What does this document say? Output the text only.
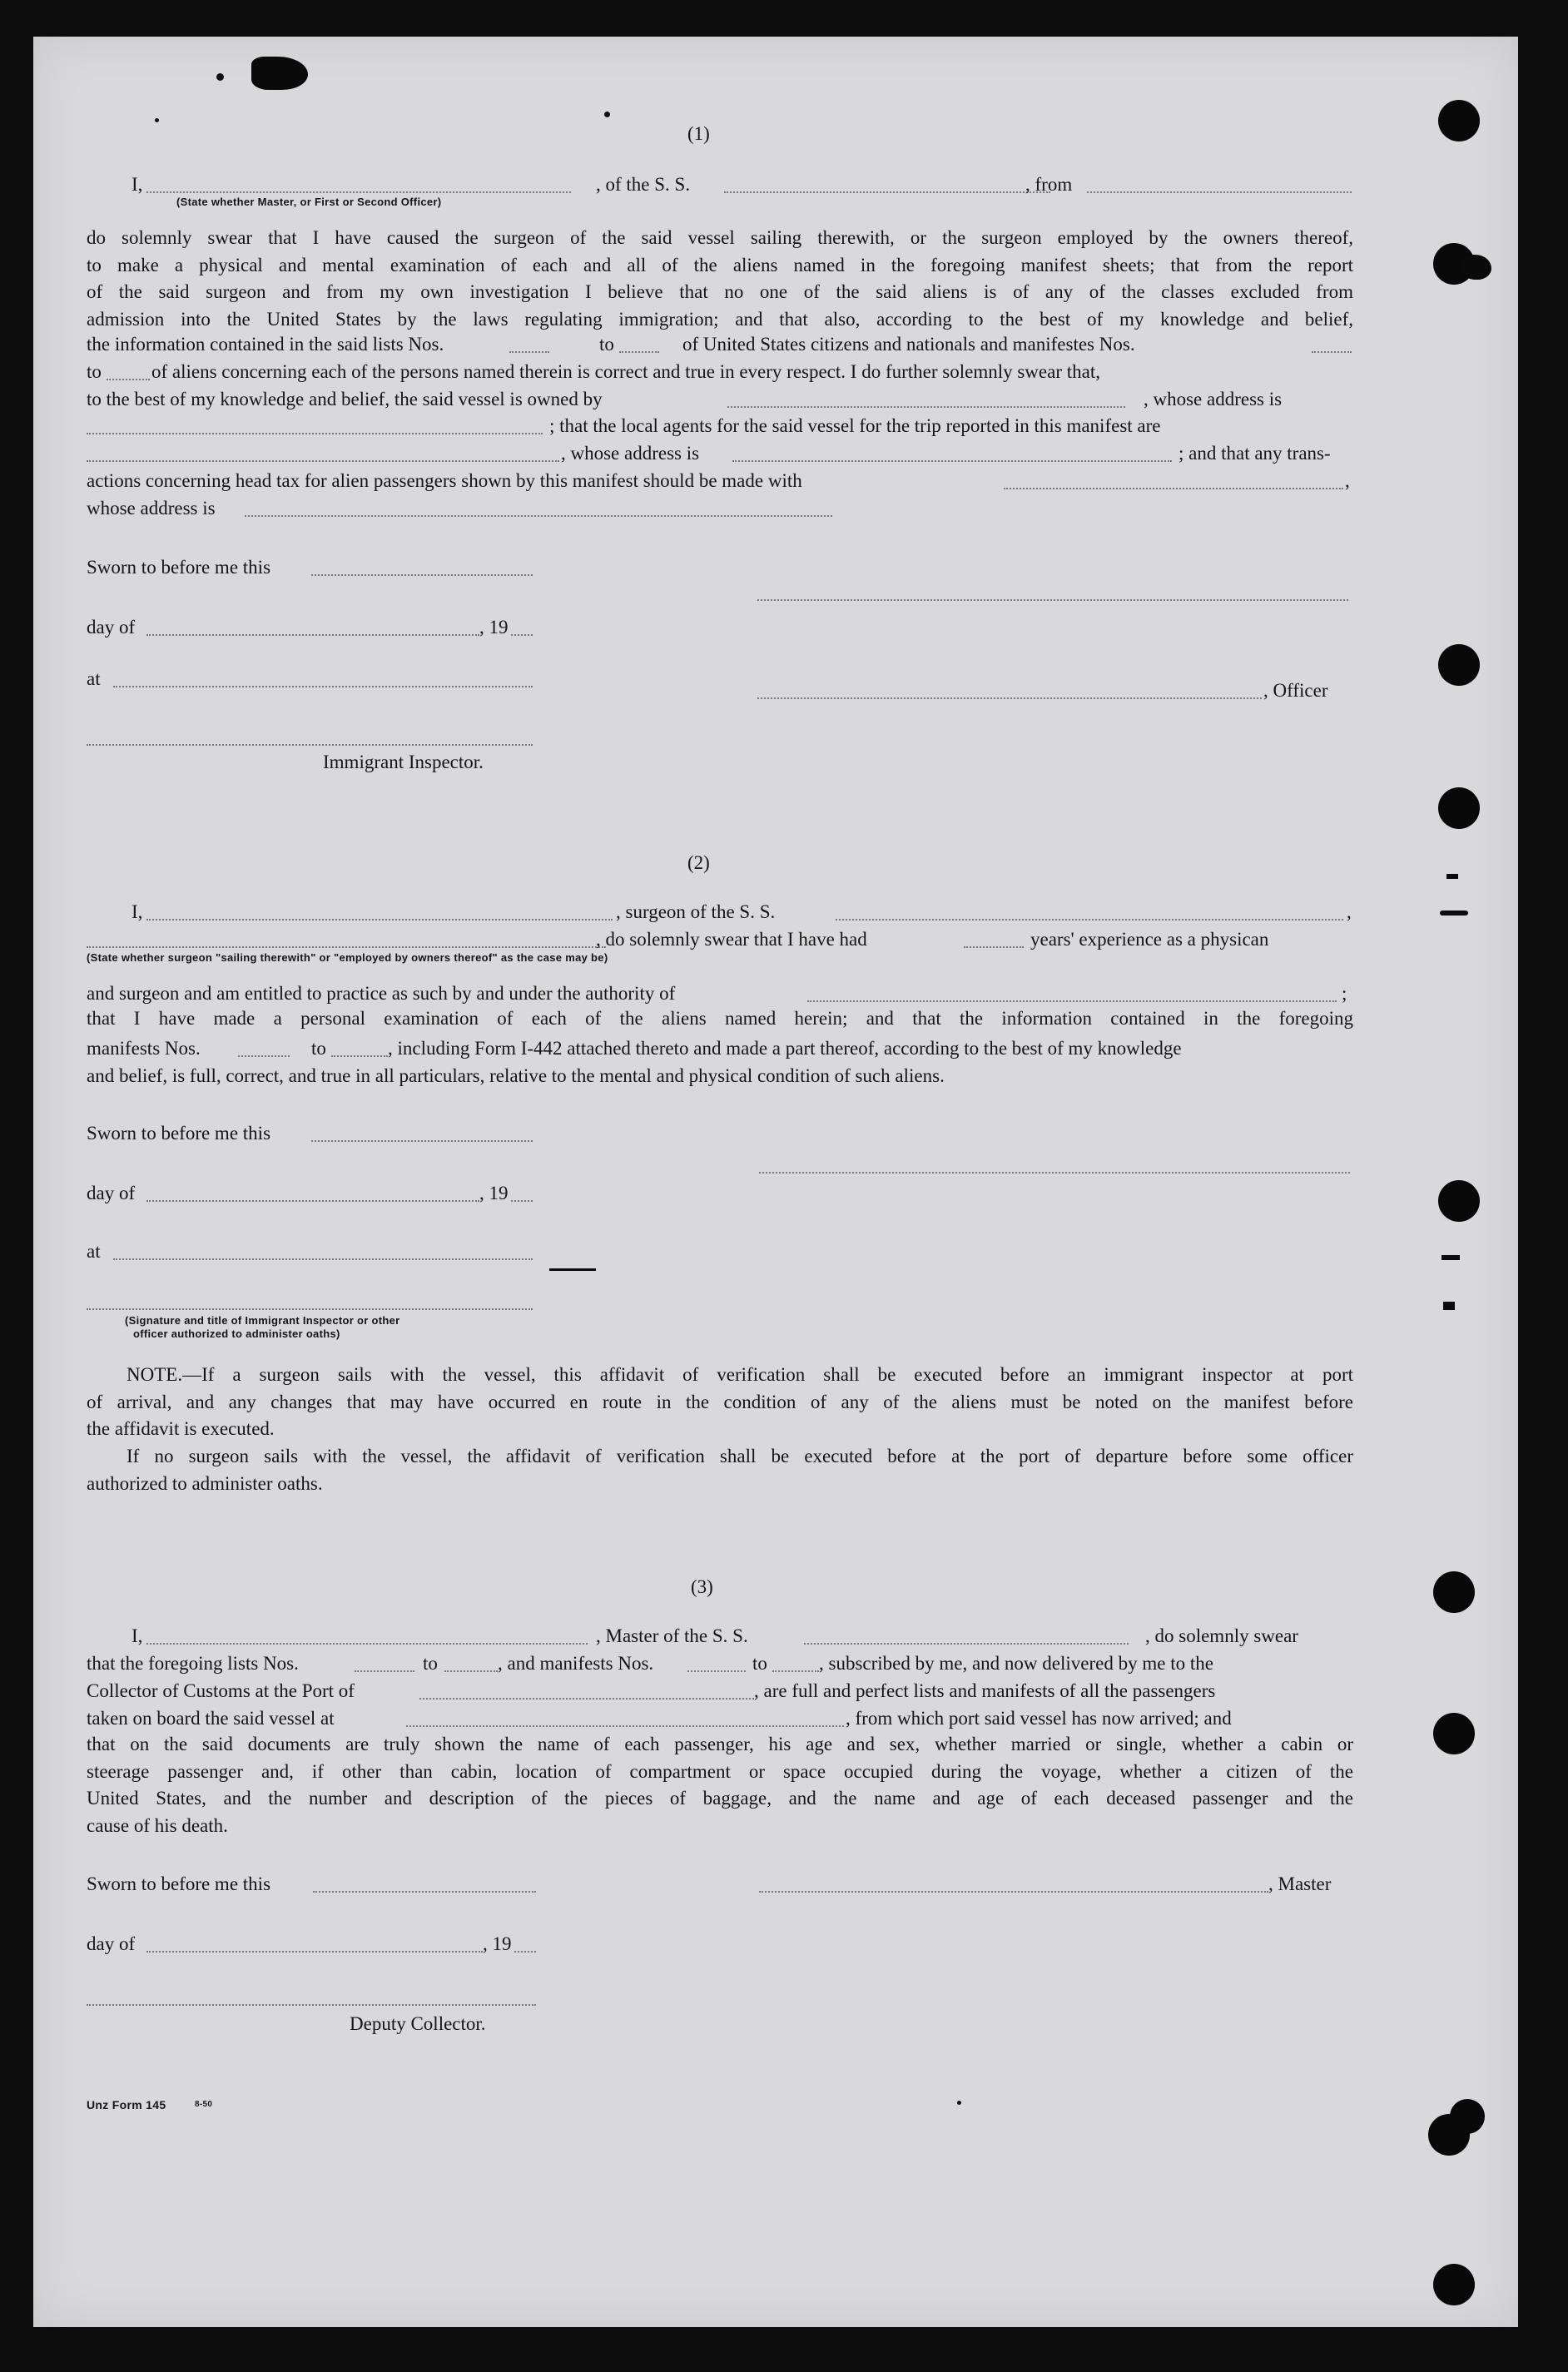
(1)
I,	, of the S. S.	, from
(State whether Master, or First or Second Officer)
do solemnly swear that I have caused the surgeon of the said vessel sailing therewith, or the surgeon employed by the owners thereof,
to make a physical and mental examination of each and all of the aliens named in the foregoing manifest sheets; that from the report
of the said surgeon and from my own investigation I believe that no one of the said aliens is of any of the classes excluded from
admission into the United States by the laws regulating immigration; and that also, according to the best of my knowledge and belief,
the information contained in the said lists Nos.	to	of United States citizens and nationals and manifestes Nos.
to	of aliens concerning each of the persons named therein is correct and true in every respect. I do further solemnly swear that,
to the best of my knowledge and belief, the said vessel is owned by	, whose address is
; that the local agents for the said vessel for the trip reported in this manifest are
, whose address is	; and that any trans-
actions concerning head tax for alien passengers shown by this manifest should be made with	,
whose address is
Sworn to before me this
day of	, 19
at
, Officer
Immigrant Inspector.
(2)
I,	, surgeon of the S. S.	,
, do solemnly swear that I have had	years' experience as a physican
(State whether surgeon "sailing therewith" or "employed by owners thereof" as the case may be)
and surgeon and am entitled to practice as such by and under the authority of	;
that I have made a personal examination of each of the aliens named herein; and that the information contained in the foregoing
manifests Nos.	to	, including Form I-442 attached thereto and made a part thereof, according to the best of my knowledge
and belief, is full, correct, and true in all particulars, relative to the mental and physical condition of such aliens.
Sworn to before me this
day of	, 19
at
(Signature and title of Immigrant Inspector or other
officer authorized to administer oaths)
NOTE.—If a surgeon sails with the vessel, this affidavit of verification shall be executed before an immigrant inspector at port
of arrival, and any changes that may have occurred en route in the condition of any of the aliens must be noted on the manifest before
the affidavit is executed.
If no surgeon sails with the vessel, the affidavit of verification shall be executed before at the port of departure before some officer
authorized to administer oaths.
(3)
I,	, Master of the S. S.	, do solemnly swear
that the foregoing lists Nos.	to	, and manifests Nos.	to	, subscribed by me, and now delivered by me to the
Collector of Customs at the Port of	, are full and perfect lists and manifests of all the passengers
taken on board the said vessel at	, from which port said vessel has now arrived; and
that on the said documents are truly shown the name of each passenger, his age and sex, whether married or single, whether a cabin or
steerage passenger and, if other than cabin, location of compartment or space occupied during the voyage, whether a citizen of the
United States, and the number and description of the pieces of baggage, and the name and age of each deceased passenger and the
cause of his death.
Sworn to before me this	, Master
day of	, 19
Deputy Collector.
Unz Form 145	8-50
